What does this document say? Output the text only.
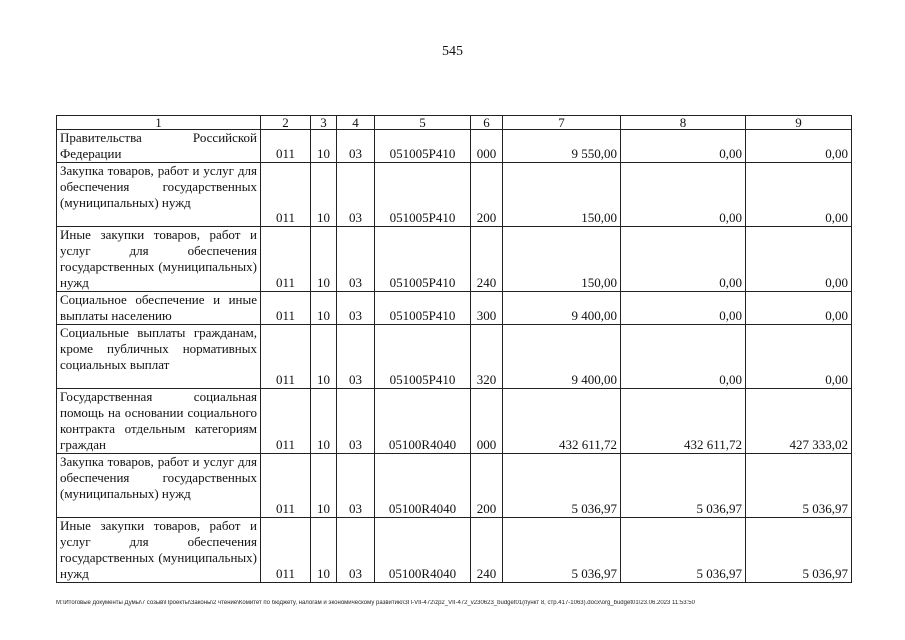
545
1	2	3	4	5	6	7	8	9
Правительства Российской Федерации	011	10	03	051005Р410	000	9 550,00	0,00	0,00
Закупка товаров, работ и услуг для обеспечения государственных (муниципальных) нужд	011	10	03	051005Р410	200	150,00	0,00	0,00
Иные закупки товаров, работ и услуг для обеспечения государственных (муниципальных) нужд	011	10	03	051005Р410	240	150,00	0,00	0,00
Социальное обеспечение и иные выплаты населению	011	10	03	051005Р410	300	9 400,00	0,00	0,00
Социальные выплаты гражданам, кроме публичных нормативных социальных выплат	011	10	03	051005Р410	320	9 400,00	0,00	0,00
Государственная социальная помощь на основании социального контракта отдельным категориям граждан	011	10	03	05100R4040	000	432 611,72	432 611,72	427 333,02
Закупка товаров, работ и услуг для обеспечения государственных (муниципальных) нужд	011	10	03	05100R4040	200	5 036,97	5 036,97	5 036,97
Иные закупки товаров, работ и услуг для обеспечения государственных (муниципальных) нужд	011	10	03	05100R4040	240	5 036,97	5 036,97	5 036,97
M:\Итоговые документы Думы\7 созыв\Проекты\Законы\2 чтение\Комитет по бюджету, налогам и экономическому развитию\ЗП-VII-472\zp2_VII-472_v230623_budget01(пункт 8, стр.417-1063).docx\org_budget01\23.06.2023 11:53:50
